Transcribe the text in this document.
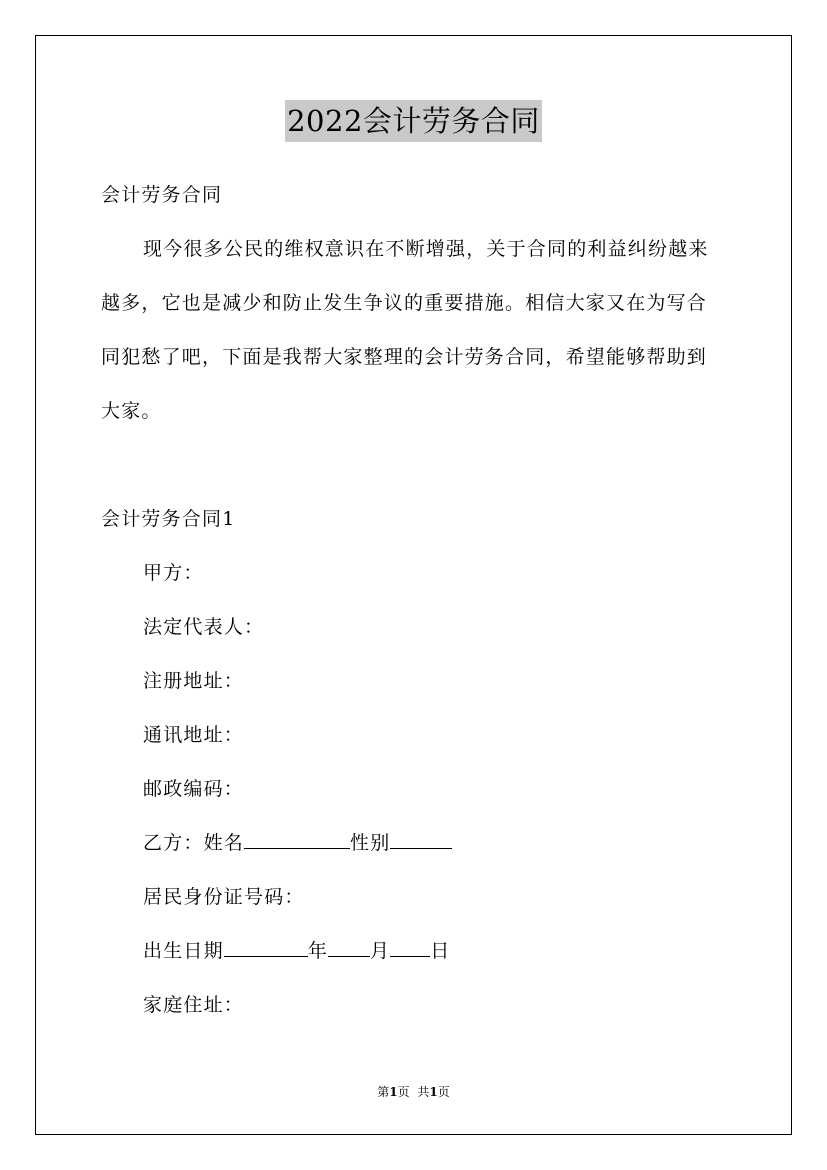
2022会计劳务合同
会计劳务合同
现今很多公民的维权意识在不断增强，关于合同的利益纠纷越来
越多，它也是减少和防止发生争议的重要措施。相信大家又在为写合
同犯愁了吧，下面是我帮大家整理的会计劳务合同，希望能够帮助到
大家。
会计劳务合同1
甲方：
法定代表人：
注册地址：
通讯地址：
邮政编码：
乙方：姓名	性别
居民身份证号码：
出生日期	年 月 日
家庭住址：
第1页 共1页
